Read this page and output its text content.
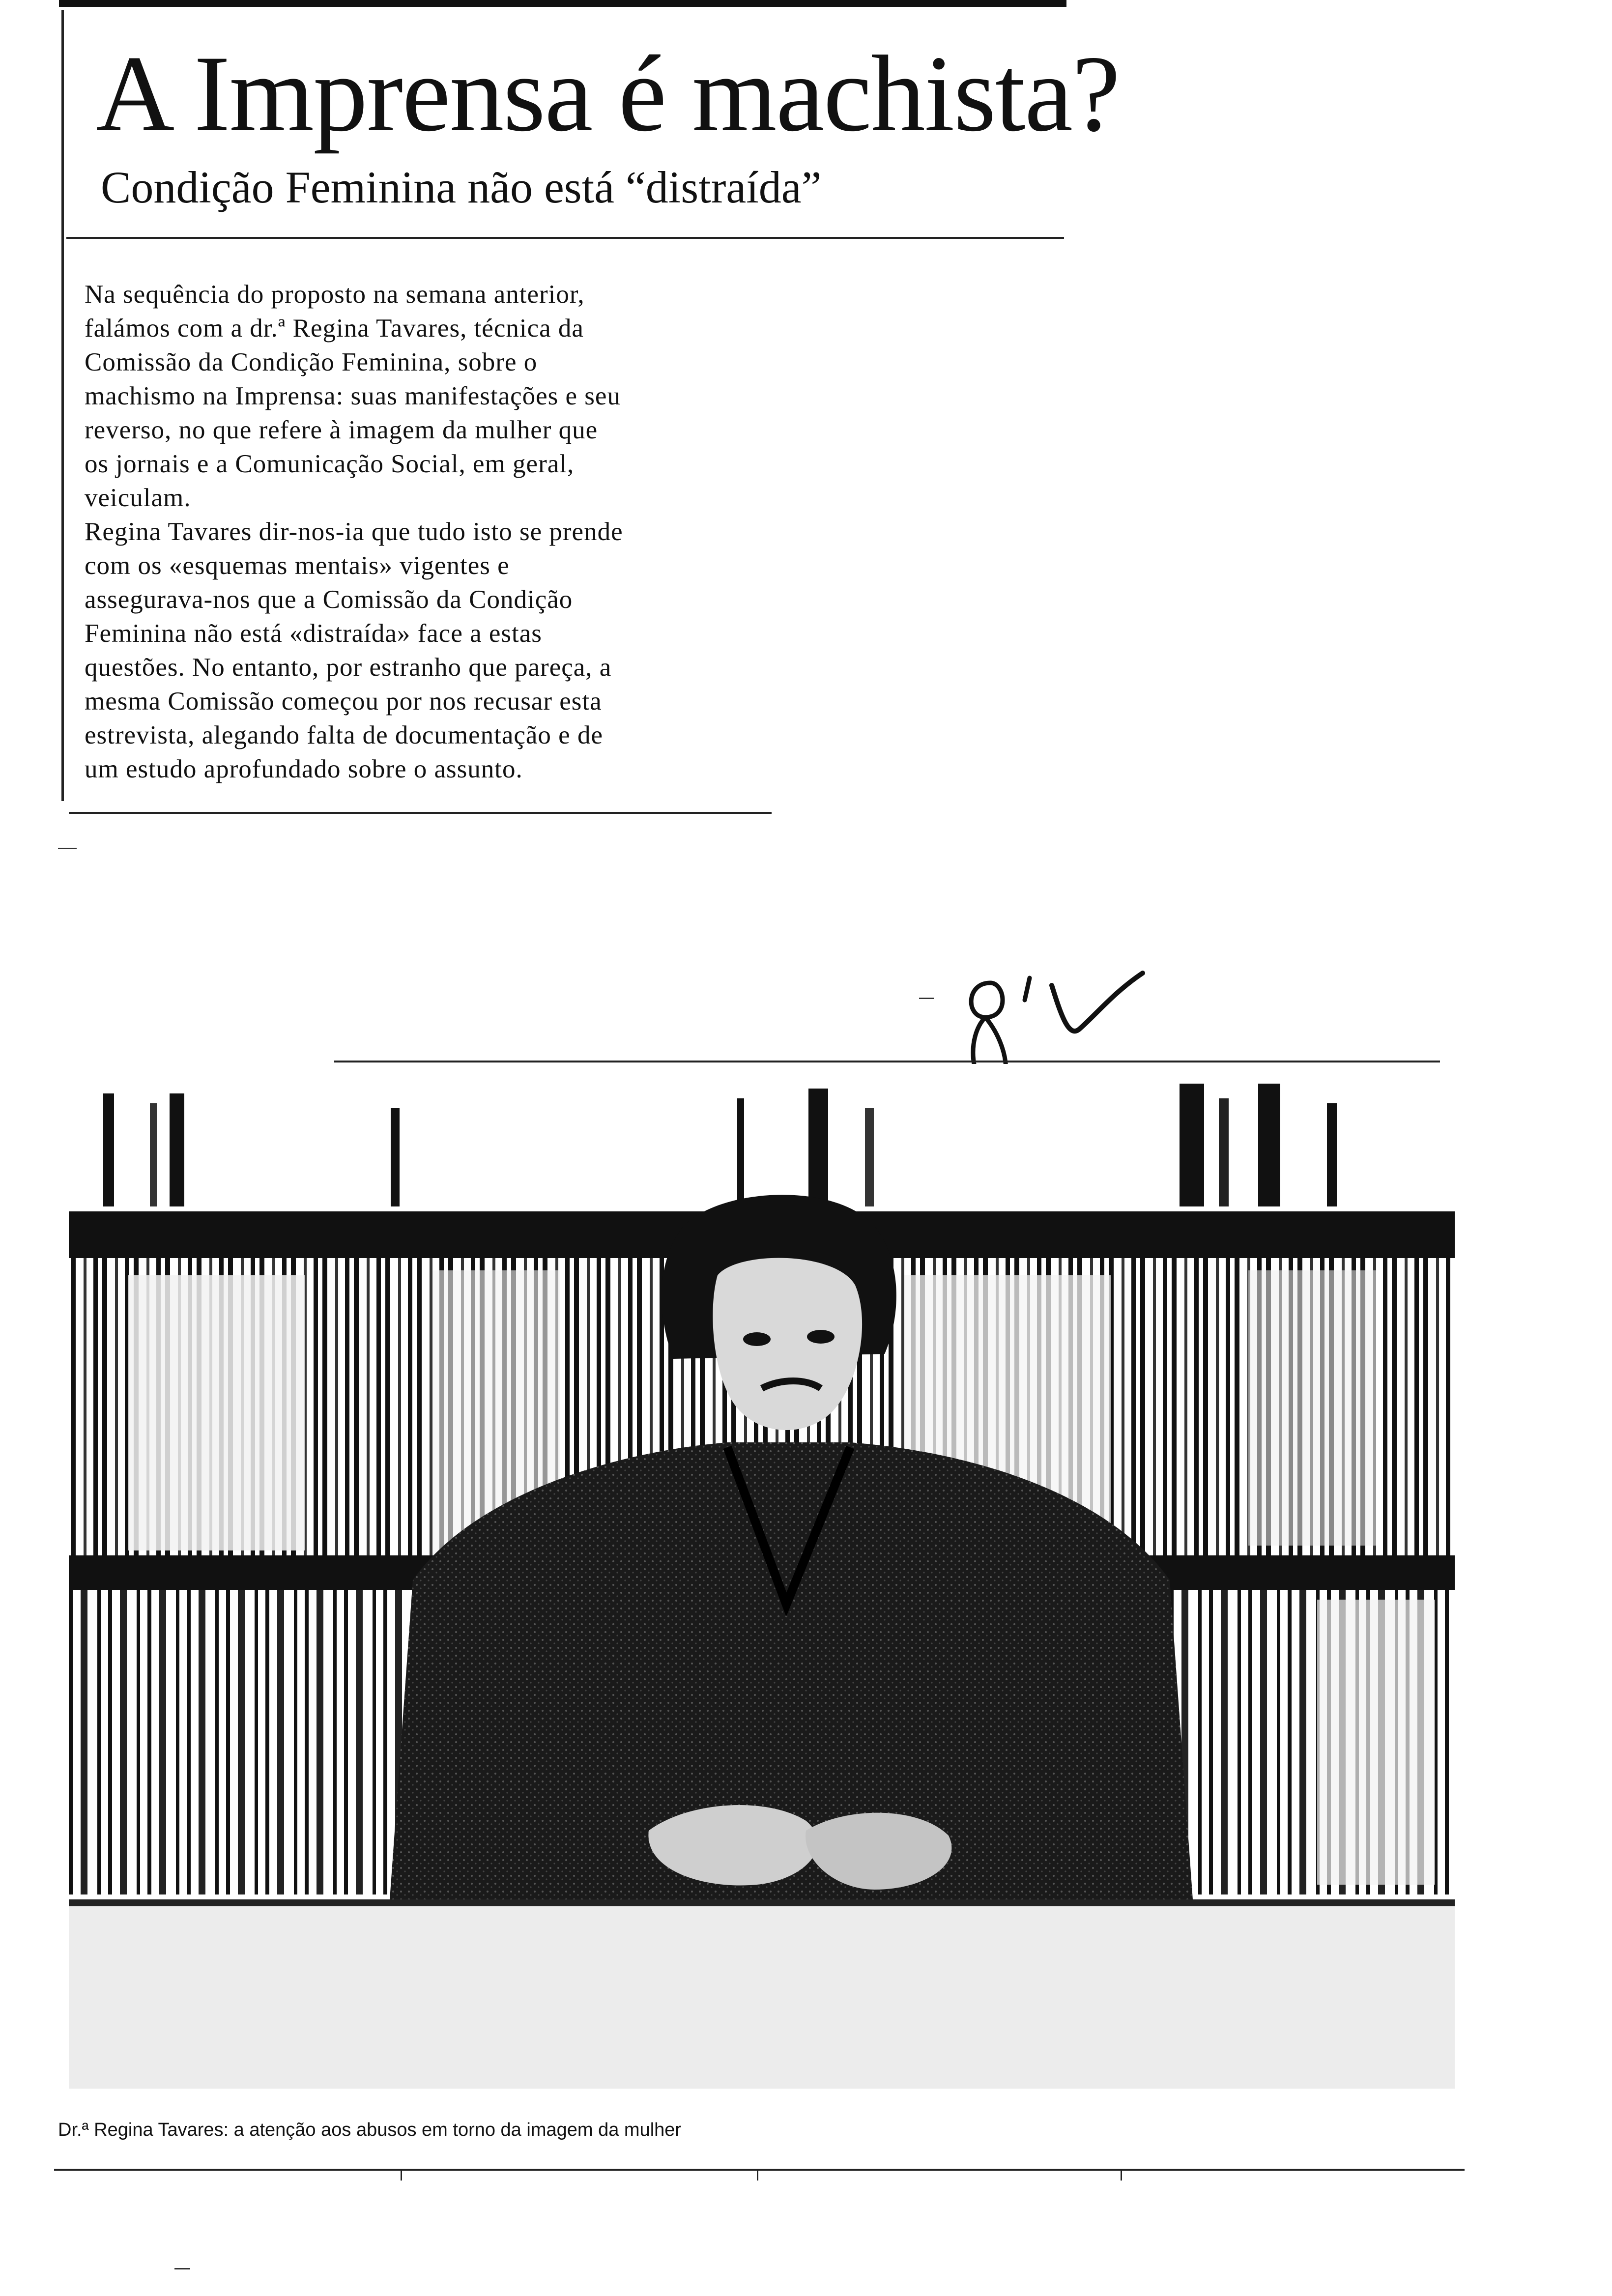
A Imprensa é machista?
Condição Feminina não está “distraída”

Na sequência do proposto na semana anterior,
falámos com a dr.ª Regina Tavares, técnica da
Comissão da Condição Feminina, sobre o
machismo na Imprensa: suas manifestações e seu
reverso, no que refere à imagem da mulher que
os jornais e a Comunicação Social, em geral,
veiculam.

Regina Tavares dir-nos-ia que tudo isto se prende
com os «esquemas mentais» vigentes e
assegurava-nos que a Comissão da Condição
Feminina não está «distraída» face a estas
questões. No entanto, por estranho que pareça, a
mesma Comissão começou por nos recusar esta
estrevista, alegando falta de documentação e de
um estudo aprofundado sobre o assunto.

Dr.ª Regina Tavares: a atenção aos abusos em torno da imagem da mulher
